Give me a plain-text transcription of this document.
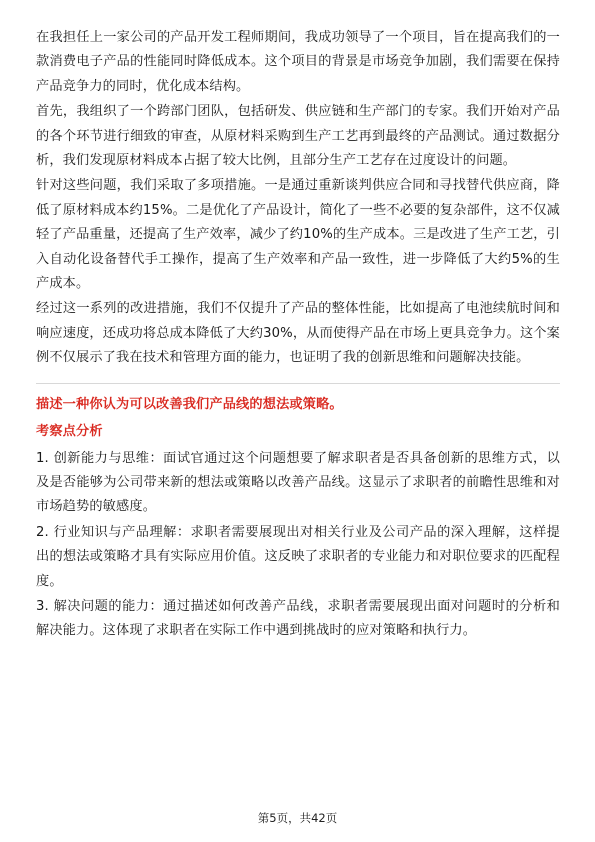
在我担任上一家公司的产品开发工程师期间，我成功领导了一个项目，旨在提高我们的一款消费电子产品的性能同时降低成本。这个项目的背景是市场竞争加剧，我们需要在保持产品竞争力的同时，优化成本结构。

首先，我组织了一个跨部门团队，包括研发、供应链和生产部门的专家。我们开始对产品的各个环节进行细致的审查，从原材料采购到生产工艺再到最终的产品测试。通过数据分析，我们发现原材料成本占据了较大比例，且部分生产工艺存在过度设计的问题。

针对这些问题，我们采取了多项措施。一是通过重新谈判供应合同和寻找替代供应商，降低了原材料成本约15%。二是优化了产品设计，简化了一些不必要的复杂部件，这不仅减轻了产品重量，还提高了生产效率，减少了约10%的生产成本。三是改进了生产工艺，引入自动化设备替代手工操作，提高了生产效率和产品一致性，进一步降低了大约5%的生产成本。

经过这一系列的改进措施，我们不仅提升了产品的整体性能，比如提高了电池续航时间和响应速度，还成功将总成本降低了大约30%，从而使得产品在市场上更具竞争力。这个案例不仅展示了我在技术和管理方面的能力，也证明了我的创新思维和问题解决技能。

描述一种你认为可以改善我们产品线的想法或策略。

考察点分析

1. 创新能力与思维：面试官通过这个问题想要了解求职者是否具备创新的思维方式，以及是否能够为公司带来新的想法或策略以改善产品线。这显示了求职者的前瞻性思维和对市场趋势的敏感度。

2. 行业知识与产品理解：求职者需要展现出对相关行业及公司产品的深入理解，这样提出的想法或策略才具有实际应用价值。这反映了求职者的专业能力和对职位要求的匹配程度。

3. 解决问题的能力：通过描述如何改善产品线，求职者需要展现出面对问题时的分析和解决能力。这体现了求职者在实际工作中遇到挑战时的应对策略和执行力。

第5页，共42页
